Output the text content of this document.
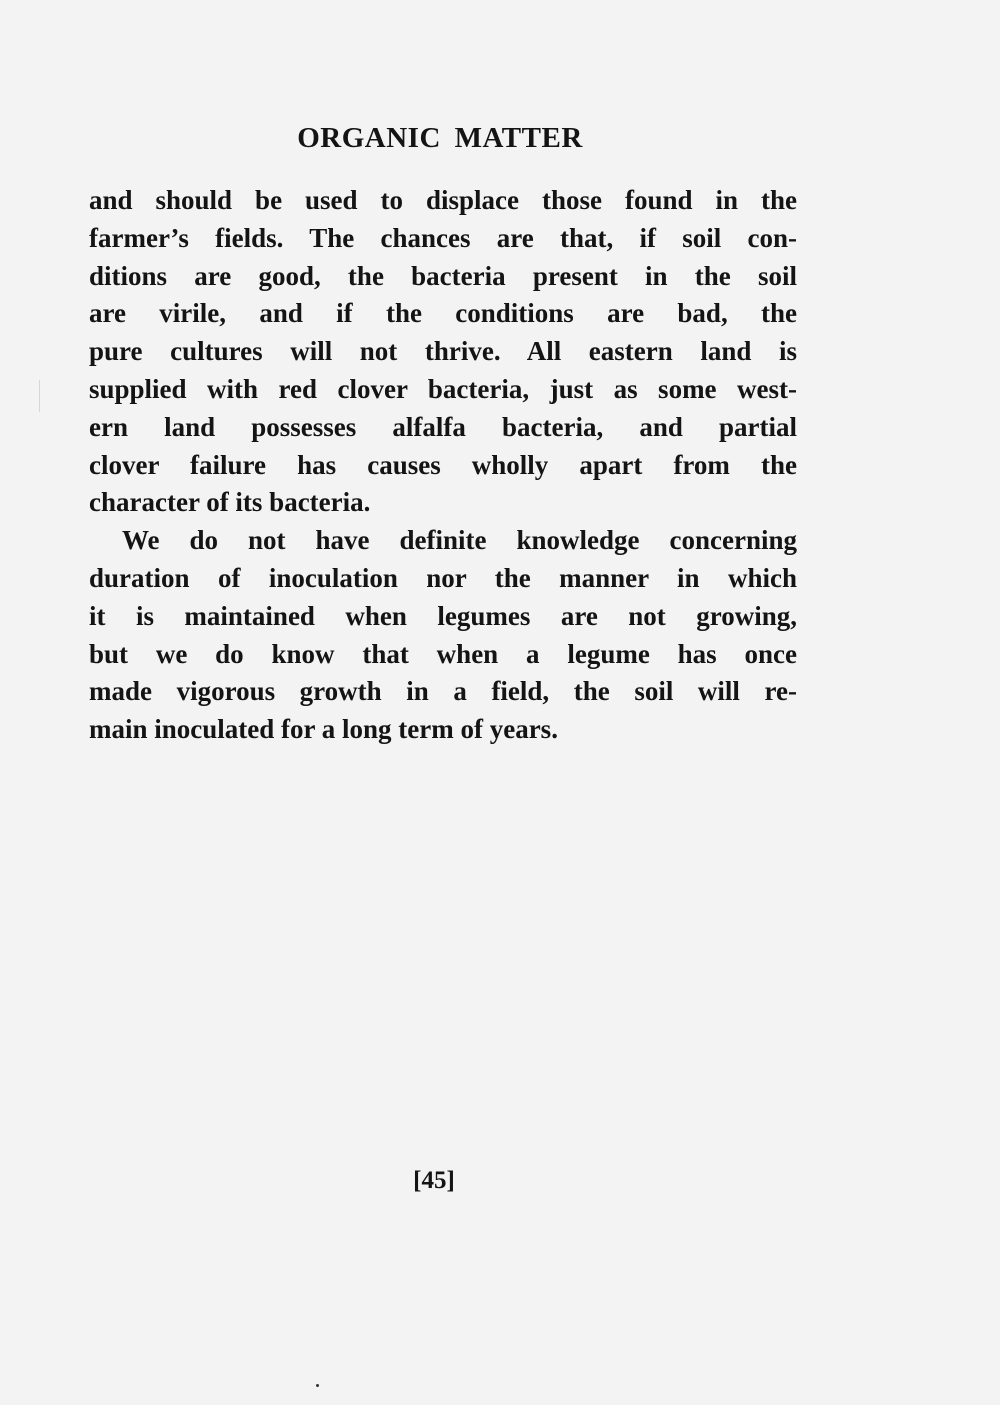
ORGANIC MATTER
and should be used to displace those found in the
farmer’s fields. The chances are that, if soil con-
ditions are good, the bacteria present in the soil
are virile, and if the conditions are bad, the
pure cultures will not thrive. All eastern land is
supplied with red clover bacteria, just as some west-
ern land possesses alfalfa bacteria, and partial
clover failure has causes wholly apart from the
character of its bacteria.
We do not have definite knowledge concerning
duration of inoculation nor the manner in which
it is maintained when legumes are not growing,
but we do know that when a legume has once
made vigorous growth in a field, the soil will re-
main inoculated for a long term of years.
[45]
